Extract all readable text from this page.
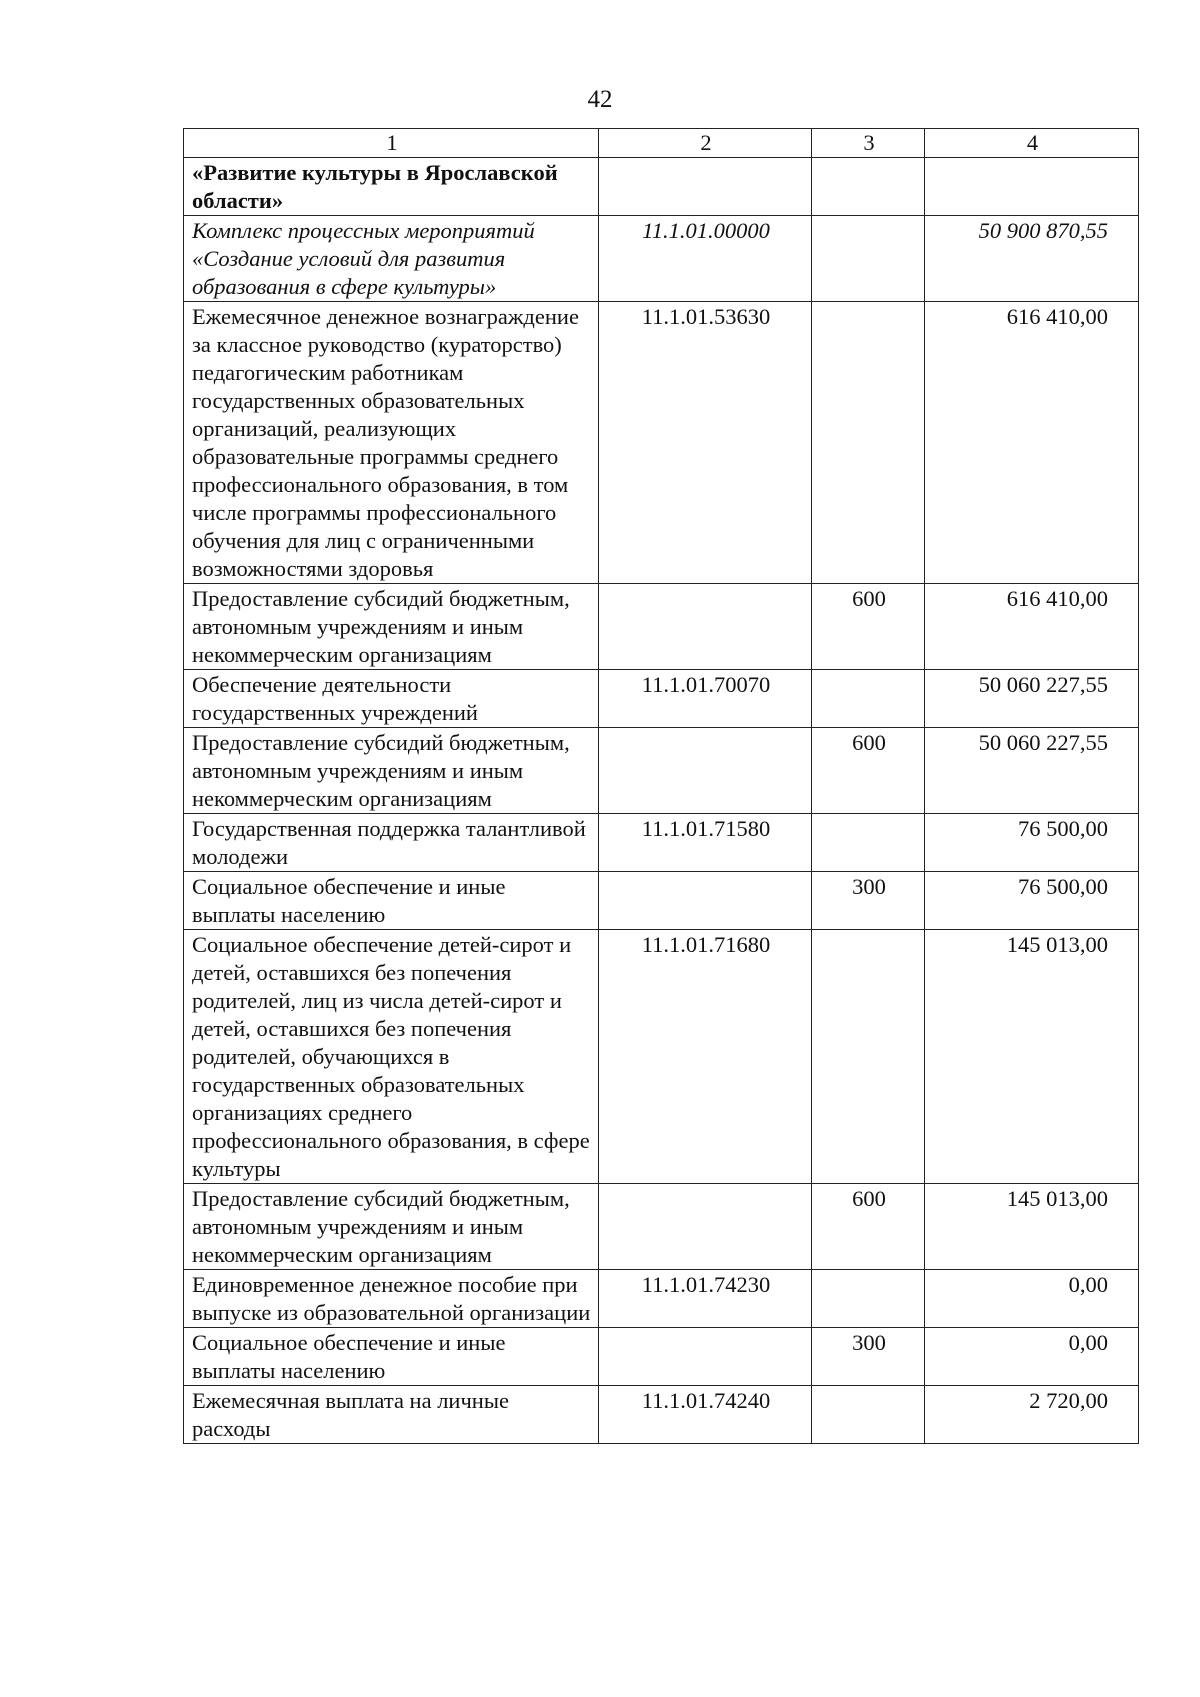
42
1	2	3	4
«Развитие культуры в Ярославской области»			
Комплекс процессных мероприятий «Создание условий для развития образования в сфере культуры»	11.1.01.00000		50 900 870,55
Ежемесячное денежное вознаграждение за классное руководство (кураторство) педагогическим работникам государственных образовательных организаций, реализующих образовательные программы среднего профессионального образования, в том числе программы профессионального обучения для лиц с ограниченными возможностями здоровья	11.1.01.53630		616 410,00
Предоставление субсидий бюджетным, автономным учреждениям и иным некоммерческим организациям		600	616 410,00
Обеспечение деятельности государственных учреждений	11.1.01.70070		50 060 227,55
Предоставление субсидий бюджетным, автономным учреждениям и иным некоммерческим организациям		600	50 060 227,55
Государственная поддержка талантливой молодежи	11.1.01.71580		76 500,00
Социальное обеспечение и иные выплаты населению		300	76 500,00
Социальное обеспечение детей-сирот и детей, оставшихся без попечения родителей, лиц из числа детей-сирот и детей, оставшихся без попечения родителей, обучающихся в государственных образовательных организациях среднего профессионального образования, в сфере культуры	11.1.01.71680		145 013,00
Предоставление субсидий бюджетным, автономным учреждениям и иным некоммерческим организациям		600	145 013,00
Единовременное денежное пособие при выпуске из образовательной организации	11.1.01.74230		0,00
Социальное обеспечение и иные выплаты населению		300	0,00
Ежемесячная выплата на личные расходы	11.1.01.74240		2 720,00
